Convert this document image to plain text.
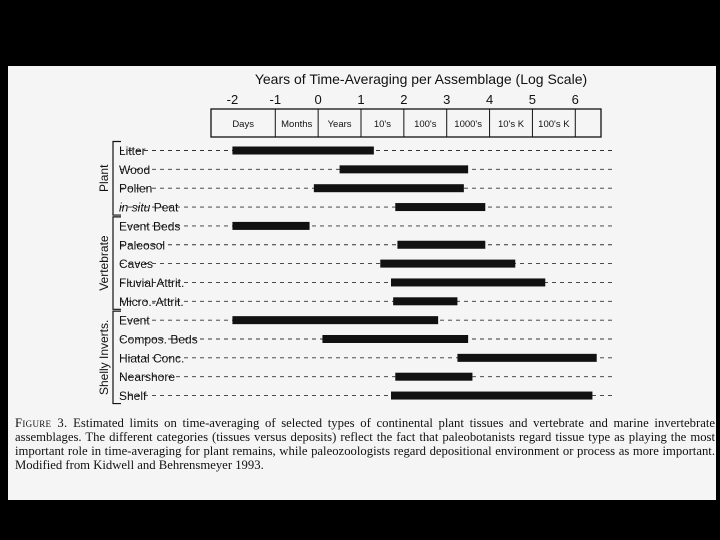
Years of Time-Averaging per Assemblage (Log Scale)
-2 -1	0	1	2	3	4	5	6
Days	Months Years 10's 100's 1000's 10's K 100's K
Litter
Wood
Pollen
in situ Peat
Event Beds
Paleosol
Caves
Fluvial Attrit.
Micro.-Attrit.
Event
Compos. Beds
Hiatal Conc.
Nearshore
Shelf
Plant
Vertebrate
Shelly Inverts.
Figure 3. Estimated limits on time-averaging of selected types of continental plant tissues and vertebrate and marine invertebrate assemblages. The different categories (tissues versus deposits) reflect the fact that paleobotanists regard tissue type as playing the most important role in time-averaging for plant remains, while paleozoologists regard depositional environment or process as more important. Modified from Kidwell and Behrensmeyer 1993.
